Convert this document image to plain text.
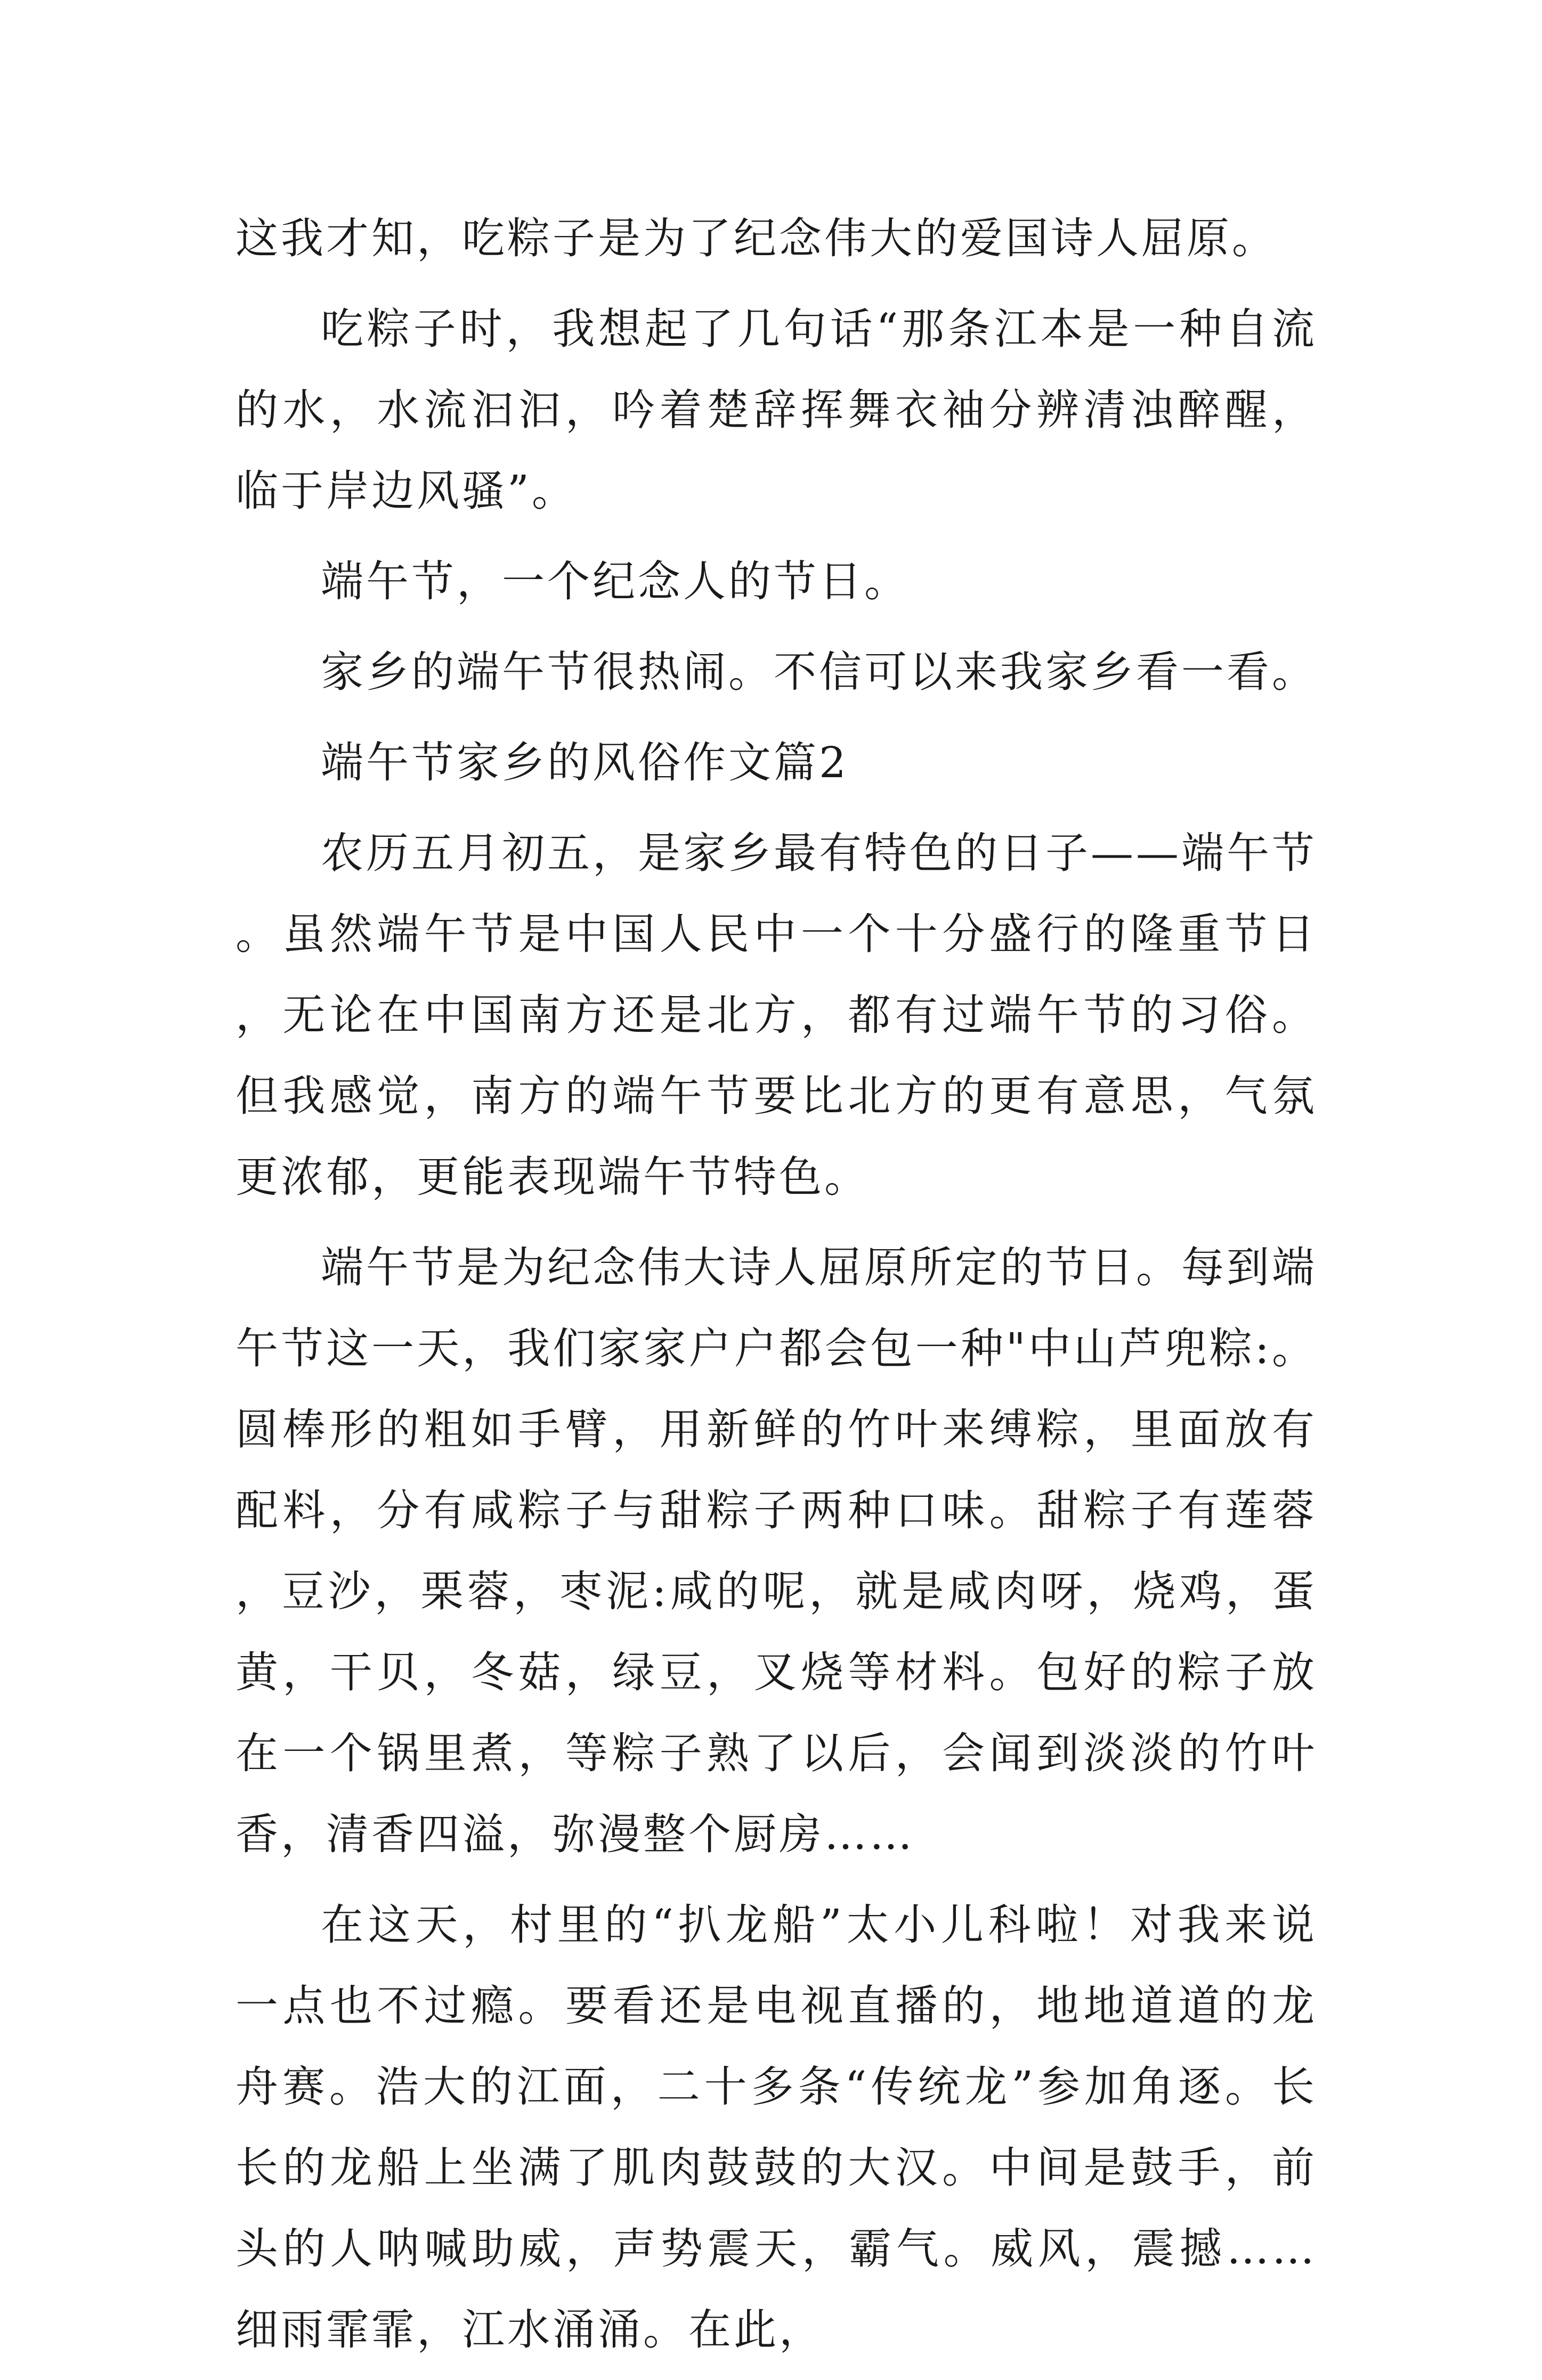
这我才知，吃粽子是为了纪念伟大的爱国诗人屈原。

吃粽子时，我想起了几句话“那条江本是一种自流的水，水流汩汩，吟着楚辞挥舞衣袖分辨清浊醉醒，临于岸边风骚”。

端午节，一个纪念人的节日。

家乡的端午节很热闹。不信可以来我家乡看一看。

端午节家乡的风俗作文篇2

农历五月初五，是家乡最有特色的日子——端午节。虽然端午节是中国人民中一个十分盛行的隆重节日，无论在中国南方还是北方，都有过端午节的习俗。但我感觉，南方的端午节要比北方的更有意思，气氛更浓郁，更能表现端午节特色。

端午节是为纪念伟大诗人屈原所定的节日。每到端午节这一天，我们家家户户都会包一种"中山芦兜粽:。圆棒形的粗如手臂，用新鲜的竹叶来缚粽，里面放有配料，分有咸粽子与甜粽子两种口味。甜粽子有莲蓉，豆沙，栗蓉，枣泥:咸的呢，就是咸肉呀，烧鸡，蛋黄，干贝，冬菇，绿豆，叉烧等材料。包好的粽子放在一个锅里煮，等粽子熟了以后，会闻到淡淡的竹叶香，清香四溢，弥漫整个厨房……

在这天，村里的“扒龙船”太小儿科啦！对我来说一点也不过瘾。要看还是电视直播的，地地道道的龙舟赛。浩大的江面，二十多条“传统龙”参加角逐。长长的龙船上坐满了肌肉鼓鼓的大汉。中间是鼓手，前头的人呐喊助威，声势震天，霸气。威风，震撼……细雨霏霏，江水涌涌。在此，
